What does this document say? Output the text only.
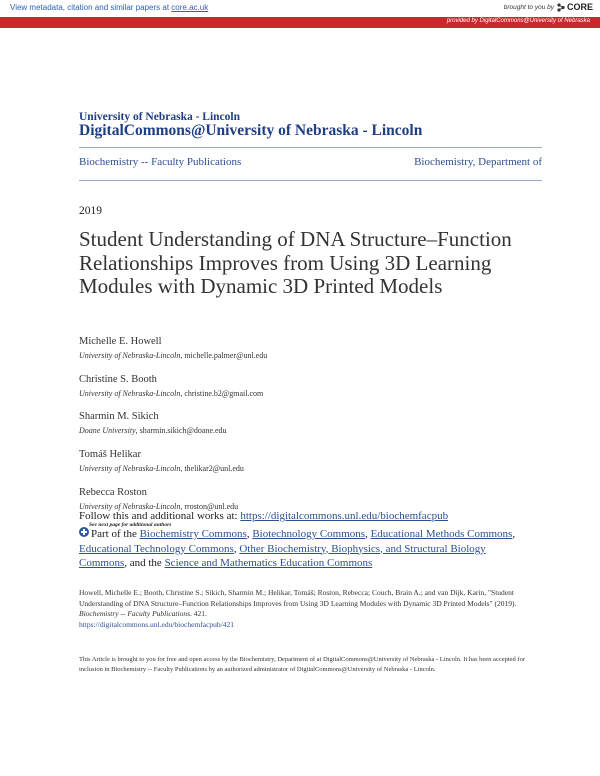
View metadata, citation and similar papers at core.ac.uk	brought to you by CORE
provided by DigitalCommons@University of Nebraska
University of Nebraska - Lincoln
DigitalCommons@University of Nebraska - Lincoln
Biochemistry -- Faculty Publications	Biochemistry, Department of
2019
Student Understanding of DNA Structure–Function Relationships Improves from Using 3D Learning Modules with Dynamic 3D Printed Models
Michelle E. Howell
University of Nebraska-Lincoln, michelle.palmer@unl.edu
Christine S. Booth
University of Nebraska-Lincoln, christine.b2@gmail.com
Sharmin M. Sikich
Doane University, sharmin.sikich@doane.edu
Tomáš Helikar
University of Nebraska-Lincoln, thelikar2@unl.edu
Rebecca Roston
University of Nebraska-Lincoln, rroston@unl.edu
Follow this and additional works at: https://digitalcommons.unl.edu/biochemfacpub
See next page for additional authors
Part of the Biochemistry Commons, Biotechnology Commons, Educational Methods Commons, Educational Technology Commons, Other Biochemistry, Biophysics, and Structural Biology Commons, and the Science and Mathematics Education Commons
Howell, Michelle E.; Booth, Christine S.; Sikich, Sharmin M.; Helikar, Tomáš; Roston, Rebecca; Couch, Brain A.; and van Dijk, Karin, "Student Understanding of DNA Structure–Function Relationships Improves from Using 3D Learning Modules with Dynamic 3D Printed Models" (2019). Biochemistry -- Faculty Publications. 421.
https://digitalcommons.unl.edu/biochemfacpub/421
This Article is brought to you for free and open access by the Biochemistry, Department of at DigitalCommons@University of Nebraska - Lincoln. It has been accepted for inclusion in Biochemistry -- Faculty Publications by an authorized administrator of DigitalCommons@University of Nebraska - Lincoln.
